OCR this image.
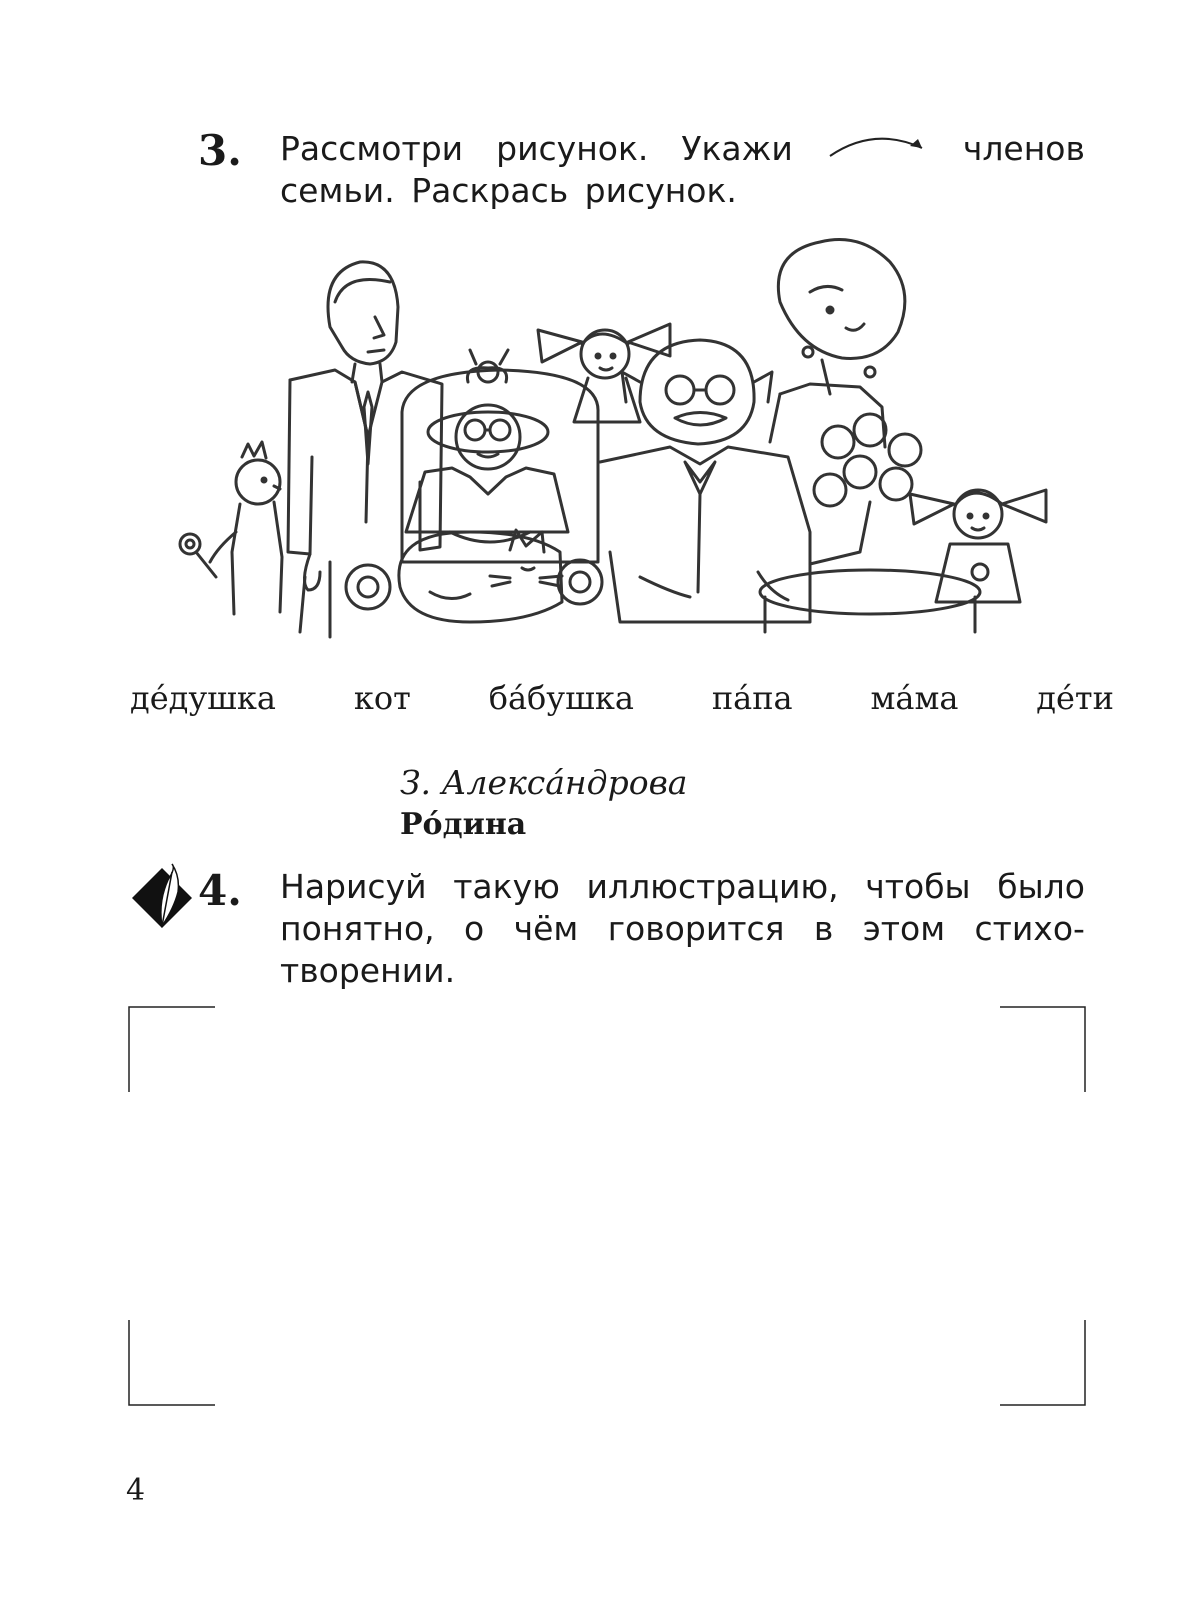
3. Рассмотри рисунок. Укажи	членов
семьи. Раскрась рисунок.
де́душка кот ба́бушка па́па ма́ма де́ти
З. Алекса́ндрова
Ро́дина
4. Нарисуй такую иллюстрацию, чтобы было
понятно, о чём говорится в этом стихо-
творении.
4
